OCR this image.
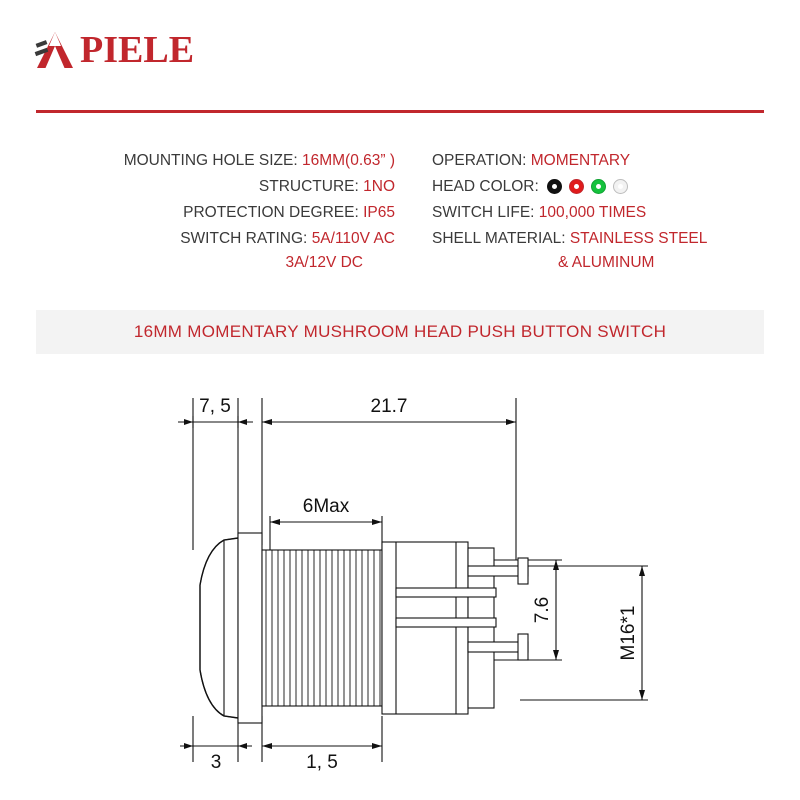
PIELE
MOUNTING HOLE SIZE: 16MM(0.63” )
STRUCTURE: 1NO
PROTECTION DEGREE: IP65
SWITCH RATING: 5A/110V AC
3A/12V DC
OPERATION: MOMENTARY
HEAD COLOR:
SWITCH LIFE: 100,000 TIMES
SHELL MATERIAL: STAINLESS STEEL
& ALUMINUM
16MM MOMENTARY MUSHROOM HEAD PUSH BUTTON SWITCH
7, 5	21.7
6Max
3	1, 5
7.6	M16*1
